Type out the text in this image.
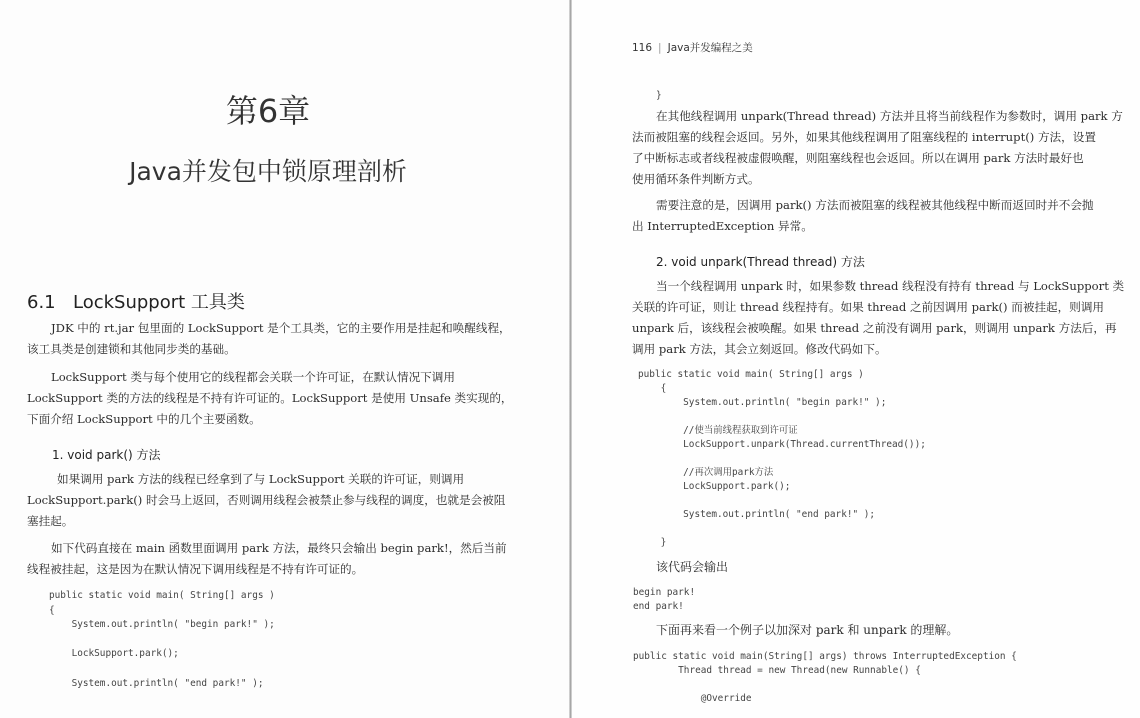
第6章
Java并发包中锁原理剖析
6.1 LockSupport 工具类
JDK 中的 rt.jar 包里面的 LockSupport 是个工具类，它的主要作用是挂起和唤醒线程，
该工具类是创建锁和其他同步类的基础。
LockSupport 类与每个使用它的线程都会关联一个许可证，在默认情况下调用
LockSupport 类的方法的线程是不持有许可证的。LockSupport 是使用 Unsafe 类实现的，
下面介绍 LockSupport 中的几个主要函数。
1. void park() 方法
如果调用 park 方法的线程已经拿到了与 LockSupport 关联的许可证，则调用
LockSupport.park() 时会马上返回，否则调用线程会被禁止参与线程的调度，也就是会被阻
塞挂起。
如下代码直接在 main 函数里面调用 park 方法，最终只会输出 begin park!，然后当前
线程被挂起，这是因为在默认情况下调用线程是不持有许可证的。
public static void main( String[] args )
{
System.out.println( "begin park!" );

LockSupport.park();

System.out.println( "end park!" );
116 | Java并发编程之美
}
在其他线程调用 unpark(Thread thread) 方法并且将当前线程作为参数时，调用 park 方
法而被阻塞的线程会返回。另外，如果其他线程调用了阻塞线程的 interrupt() 方法，设置
了中断标志或者线程被虚假唤醒，则阻塞线程也会返回。所以在调用 park 方法时最好也
使用循环条件判断方式。
需要注意的是，因调用 park() 方法而被阻塞的线程被其他线程中断而返回时并不会抛
出 InterruptedException 异常。
2. void unpark(Thread thread) 方法
当一个线程调用 unpark 时，如果参数 thread 线程没有持有 thread 与 LockSupport 类
关联的许可证，则让 thread 线程持有。如果 thread 之前因调用 park() 而被挂起，则调用
unpark 后，该线程会被唤醒。如果 thread 之前没有调用 park，则调用 unpark 方法后，再
调用 park 方法，其会立刻返回。修改代码如下。
public static void main( String[] args )
{
System.out.println( "begin park!" );

//使当前线程获取到许可证
LockSupport.unpark(Thread.currentThread());

//再次调用park方法
LockSupport.park();

System.out.println( "end park!" );

}
该代码会输出
begin park!
end park!
下面再来看一个例子以加深对 park 和 unpark 的理解。
public static void main(String[] args) throws InterruptedException {
Thread thread = new Thread(new Runnable() {

@Override
